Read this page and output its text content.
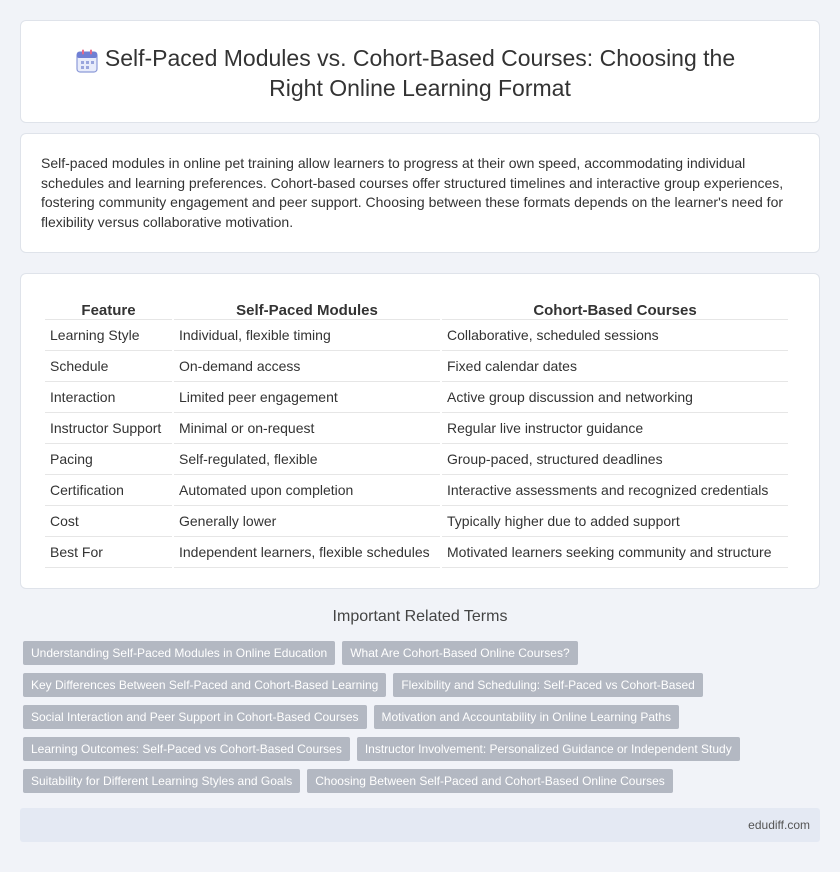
Self-Paced Modules vs. Cohort-Based Courses: Choosing the Right Online Learning Format

Self-paced modules in online pet training allow learners to progress at their own speed, accommodating individual schedules and learning preferences. Cohort-based courses offer structured timelines and interactive group experiences, fostering community engagement and peer support. Choosing between these formats depends on the learner's need for flexibility versus collaborative motivation.

Feature	Self-Paced Modules	Cohort-Based Courses
Learning Style	Individual, flexible timing	Collaborative, scheduled sessions
Schedule	On-demand access	Fixed calendar dates
Interaction	Limited peer engagement	Active group discussion and networking
Instructor Support	Minimal or on-request	Regular live instructor guidance
Pacing	Self-regulated, flexible	Group-paced, structured deadlines
Certification	Automated upon completion	Interactive assessments and recognized credentials
Cost	Generally lower	Typically higher due to added support
Best For	Independent learners, flexible schedules	Motivated learners seeking community and structure
Important Related Terms
Understanding Self-Paced Modules in Online Education	What Are Cohort-Based Online Courses?
Key Differences Between Self-Paced and Cohort-Based Learning	Flexibility and Scheduling: Self-Paced vs Cohort-Based
Social Interaction and Peer Support in Cohort-Based Courses	Motivation and Accountability in Online Learning Paths
Learning Outcomes: Self-Paced vs Cohort-Based Courses	Instructor Involvement: Personalized Guidance or Independent Study
Suitability for Different Learning Styles and Goals	Choosing Between Self-Paced and Cohort-Based Online Courses
edudiff.com
